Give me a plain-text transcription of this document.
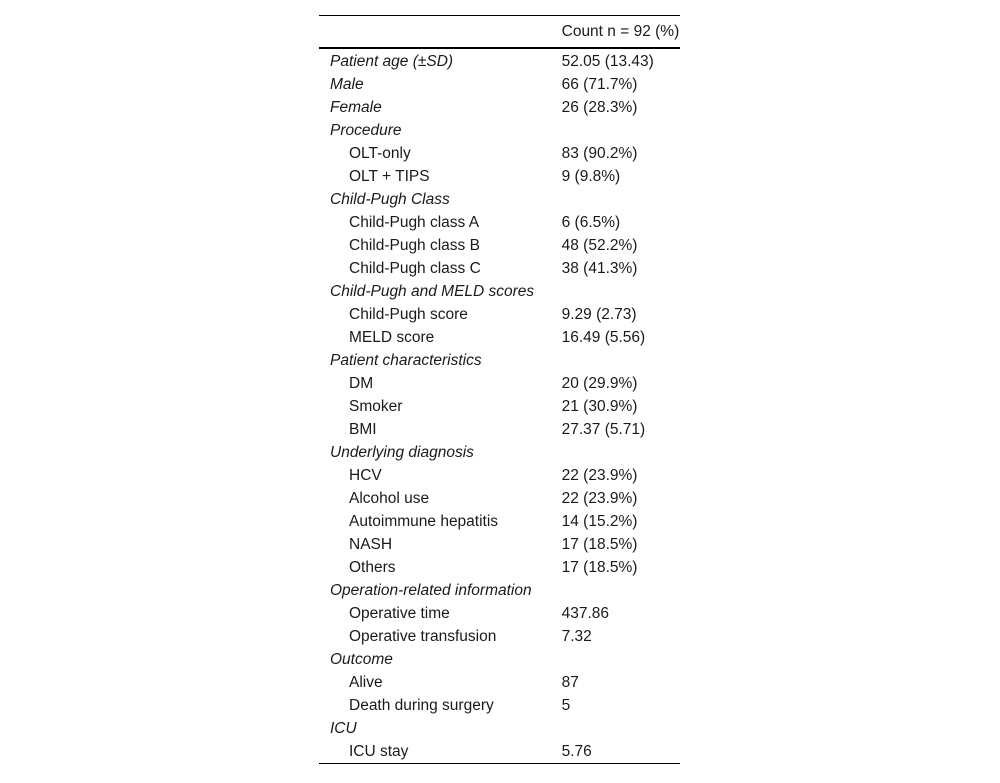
	Count n = 92 (%)
Patient age (±SD)	52.05 (13.43)
Male	66 (71.7%)
Female	26 (28.3%)
Procedure	
OLT-only	83 (90.2%)
OLT + TIPS	9 (9.8%)
Child-Pugh Class	
Child-Pugh class A	6 (6.5%)
Child-Pugh class B	48 (52.2%)
Child-Pugh class C	38 (41.3%)
Child-Pugh and MELD scores	
Child-Pugh score	9.29 (2.73)
MELD score	16.49 (5.56)
Patient characteristics	
DM	20 (29.9%)
Smoker	21 (30.9%)
BMI	27.37 (5.71)
Underlying diagnosis	
HCV	22 (23.9%)
Alcohol use	22 (23.9%)
Autoimmune hepatitis	14 (15.2%)
NASH	17 (18.5%)
Others	17 (18.5%)
Operation-related information	
Operative time	437.86
Operative transfusion	7.32
Outcome	
Alive	87
Death during surgery	5
ICU	
ICU stay	5.76
